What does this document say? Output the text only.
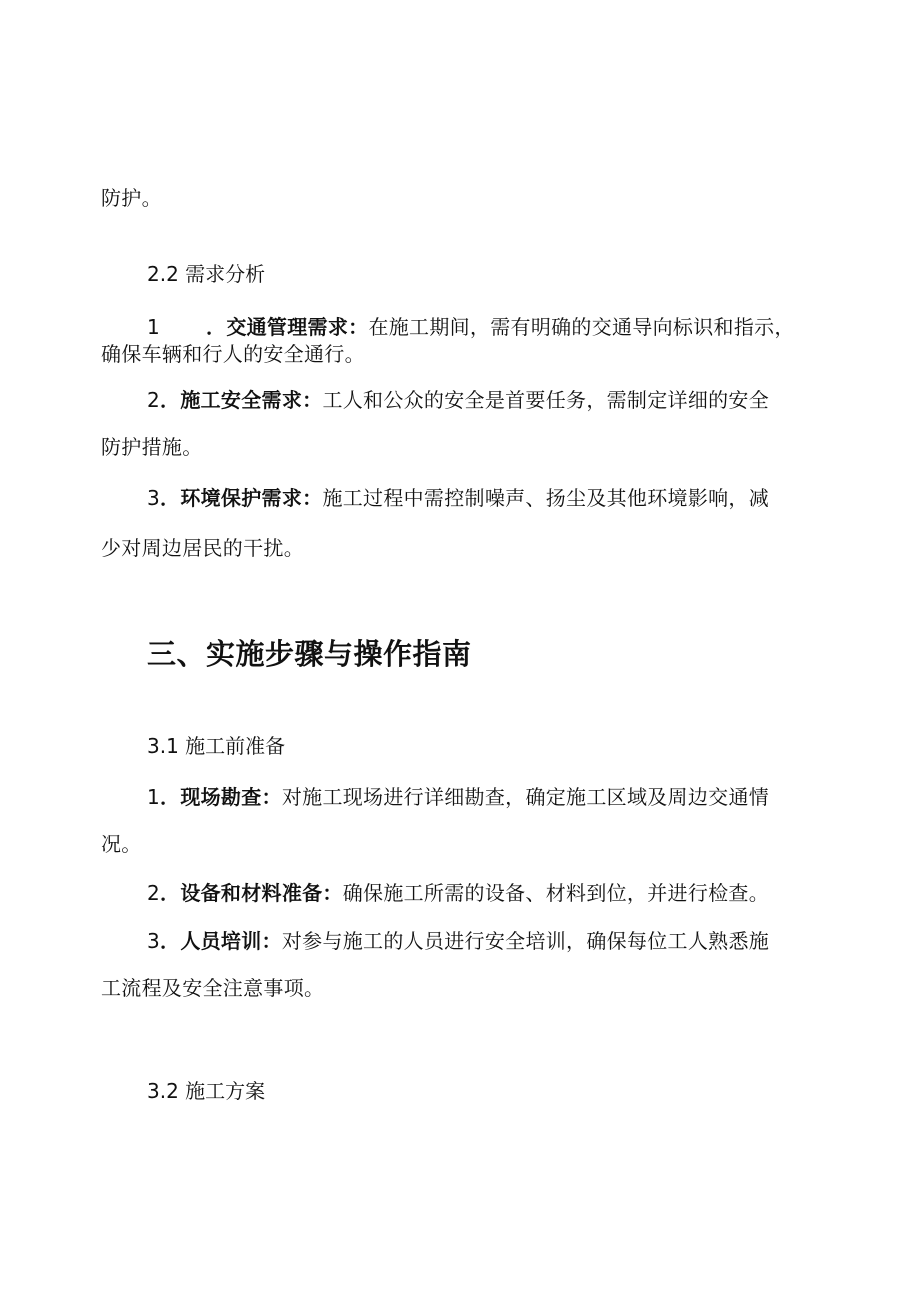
防护。
2.2 需求分析
1 ．交通管理需求：在施工期间，需有明确的交通导向标识和指示，
确保车辆和行人的安全通行。
2．施工安全需求：工人和公众的安全是首要任务，需制定详细的安全
防护措施。
3．环境保护需求：施工过程中需控制噪声、扬尘及其他环境影响，减
少对周边居民的干扰。
三、实施步骤与操作指南
3.1 施工前准备
1．现场勘查：对施工现场进行详细勘查，确定施工区域及周边交通情
况。
2．设备和材料准备：确保施工所需的设备、材料到位，并进行检查。
3．人员培训：对参与施工的人员进行安全培训，确保每位工人熟悉施
工流程及安全注意事项。
3.2 施工方案
